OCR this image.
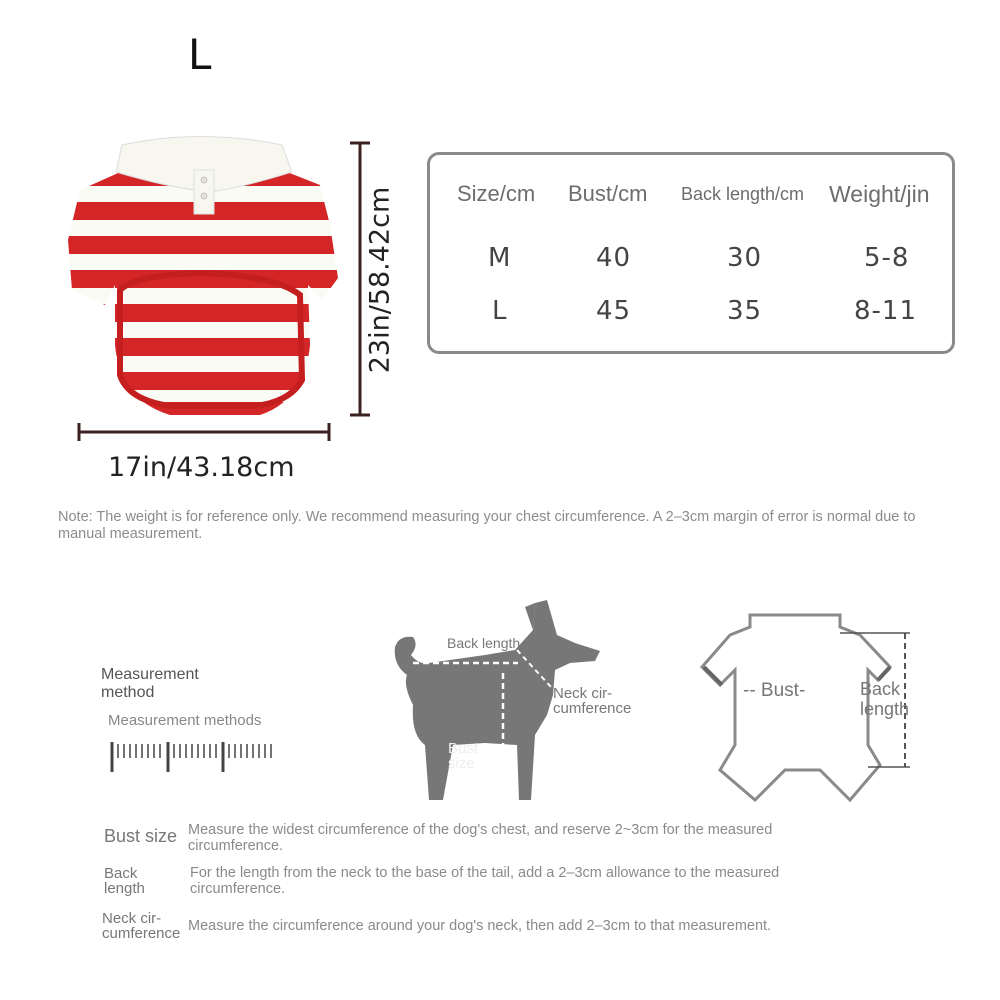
L
23in/58.42cm
17in/43.18cm
Size/cm Bust/cm Back length/cm Weight/jin
M	40	30	5-8
L	45	35	8-11
Note: The weight is for reference only. We recommend measuring your chest circumference. A 2–3cm margin of error is normal due to manual measurement.
Measurement method
Measurement methods
Back length
Neck cir-cumference
Bust size
-- Bust-	Back length
Bust size Measure the widest circumference of the dog's chest, and reserve 2~3cm for the measured circumference.
Back length
For the length from the neck to the base of the tail, add a 2–3cm allowance to the measured circumference.
Neck cir-cumference Measure the circumference around your dog's neck, then add 2–3cm to that measurement.
